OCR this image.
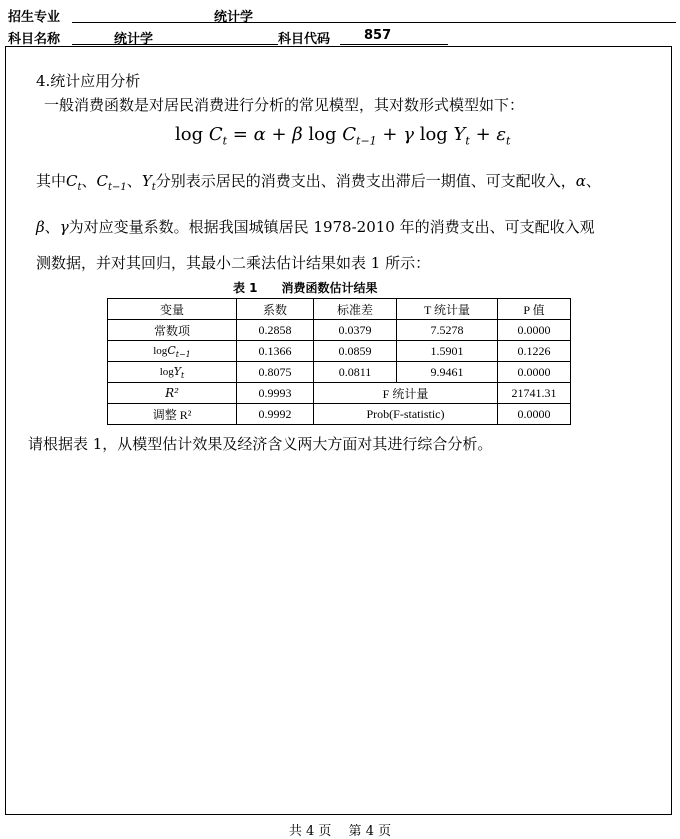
招生专业	统计学
科目名称	统计学	科目代码	857
4.统计应用分析
一般消费函数是对居民消费进行分析的常见模型，其对数形式模型如下：
$\log C_t = \alpha + \beta$ $\log C_{t-1} + \gamma$ $\log Y_t + \varepsilon_t$
其中$C_t$、$C_{t-1}$、$Y_t$分别表示居民的消费支出、消费支出滞后一期值、可支配收入，α、
β、γ为对应变量系数。根据我国城镇居民 1978-2010 年的消费支出、可支配收入观
测数据，并对其回归，其最小二乘法估计结果如表 1 所示：
表 1　　消费函数估计结果
变量	系数	标准差	T 统计量	P 值
常数项	0.2858	0.0379	7.5278	0.0000
logC$_{t-1}$	0.1366	0.0859	1.5901	0.1226
logY$_t$	0.8075	0.0811	9.9461	0.0000
R²	0.9993	F 统计量		21741.31
调整 R²	0.9992	Prob(F-statistic)		0.0000
请根据表 1，从模型估计效果及经济含义两大方面对其进行综合分析。
共 4 页　 第 4 页
